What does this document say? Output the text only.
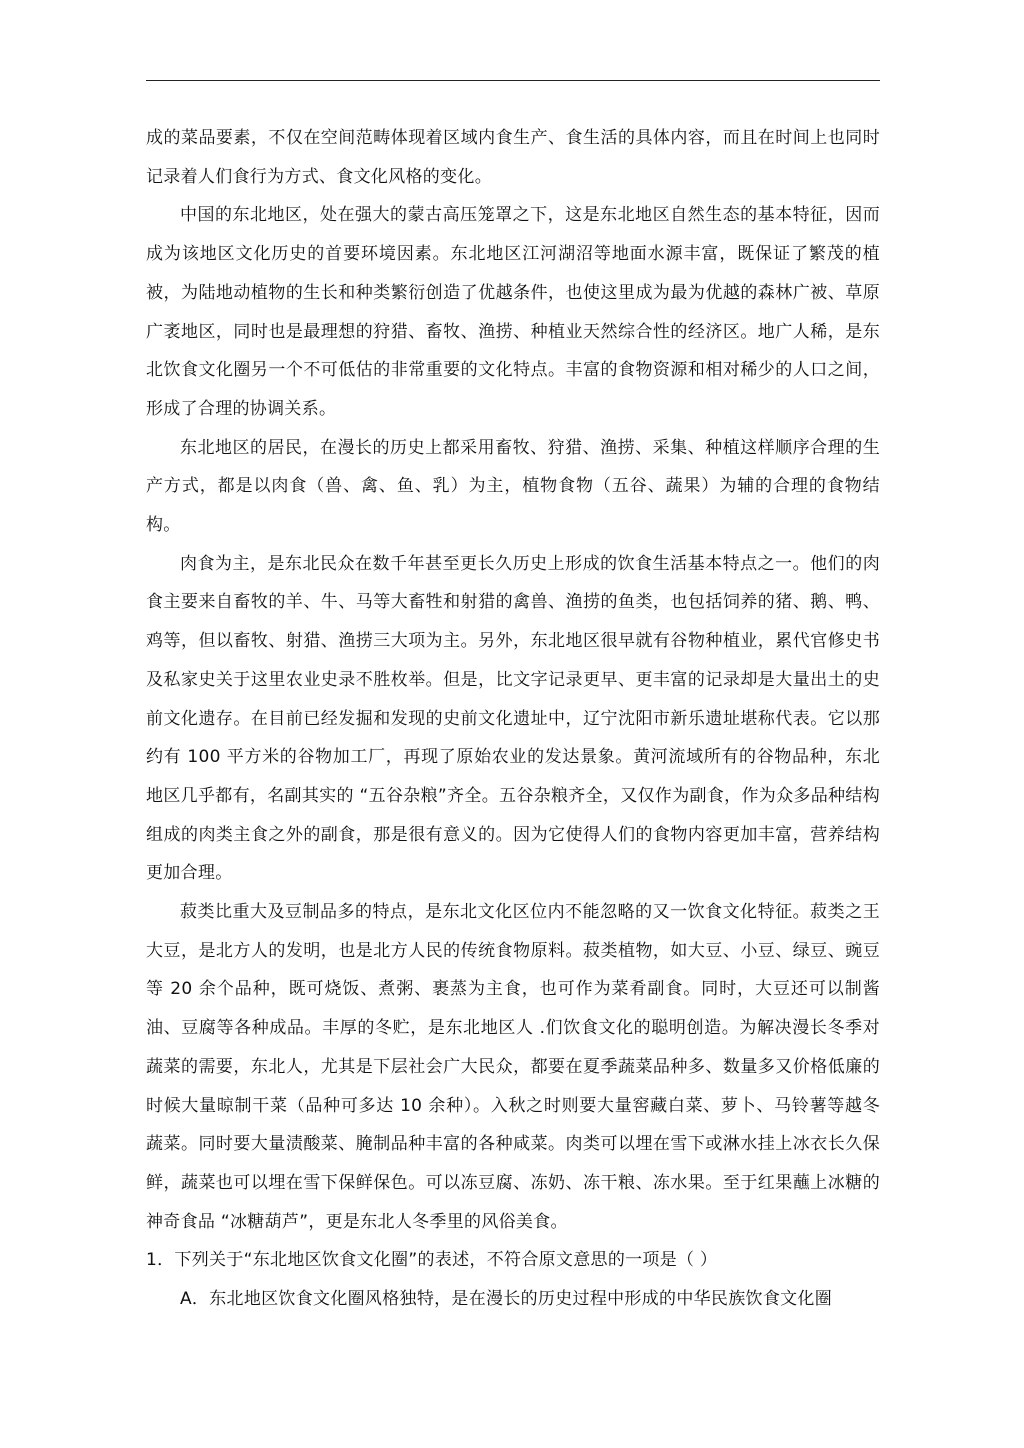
成的菜品要素，不仅在空间范畴体现着区域内食生产、食生活的具体内容，而且在时间上也同时记录着人们食行为方式、食文化风格的变化。

中国的东北地区，处在强大的蒙古高压笼罩之下，这是东北地区自然生态的基本特征，因而成为该地区文化历史的首要环境因素。东北地区江河湖沼等地面水源丰富，既保证了繁茂的植被，为陆地动植物的生长和种类繁衍创造了优越条件，也使这里成为最为优越的森林广被、草原广袤地区，同时也是最理想的狩猎、畜牧、渔捞、种植业天然综合性的经济区。地广人稀，是东北饮食文化圈另一个不可低估的非常重要的文化特点。丰富的食物资源和相对稀少的人口之间，形成了合理的协调关系。

东北地区的居民，在漫长的历史上都采用畜牧、狩猎、渔捞、采集、种植这样顺序合理的生产方式，都是以肉食（兽、禽、鱼、乳）为主，植物食物（五谷、蔬果）为辅的合理的食物结构。

肉食为主，是东北民众在数千年甚至更长久历史上形成的饮食生活基本特点之一。他们的肉食主要来自畜牧的羊、牛、马等大畜牲和射猎的禽兽、渔捞的鱼类，也包括饲养的猪、鹅、鸭、鸡等，但以畜牧、射猎、渔捞三大项为主。另外，东北地区很早就有谷物种植业，累代官修史书及私家史关于这里农业史录不胜枚举。但是，比文字记录更早、更丰富的记录却是大量出土的史前文化遗存。在目前已经发掘和发现的史前文化遗址中，辽宁沈阳市新乐遗址堪称代表。它以那约有 100 平方米的谷物加工厂，再现了原始农业的发达景象。黄河流域所有的谷物品种，东北地区几乎都有，名副其实的 “五谷杂粮”齐全。五谷杂粮齐全，又仅作为副食，作为众多品种结构组成的肉类主食之外的副食，那是很有意义的。因为它使得人们的食物内容更加丰富，营养结构更加合理。

菽类比重大及豆制品多的特点，是东北文化区位内不能忽略的又一饮食文化特征。菽类之王大豆，是北方人的发明，也是北方人民的传统食物原料。菽类植物，如大豆、小豆、绿豆、豌豆等 20 余个品种，既可烧饭、煮粥、裹蒸为主食，也可作为菜肴副食。同时，大豆还可以制酱油、豆腐等各种成品。丰厚的冬贮，是东北地区人 .们饮食文化的聪明创造。为解决漫长冬季对蔬菜的需要，东北人，尤其是下层社会广大民众，都要在夏季蔬菜品种多、数量多又价格低廉的时候大量晾制干菜（品种可多达 10 余种）。入秋之时则要大量窖藏白菜、萝卜、马铃薯等越冬蔬菜。同时要大量渍酸菜、腌制品种丰富的各种咸菜。肉类可以埋在雪下或淋水挂上冰衣长久保鲜，蔬菜也可以埋在雪下保鲜保色。可以冻豆腐、冻奶、冻干粮、冻水果。至于红果蘸上冰糖的神奇食品 “冰糖葫芦”，更是东北人冬季里的风俗美食。

1．下列关于“东北地区饮食文化圈”的表述，不符合原文意思的一项是（ ）

A．东北地区饮食文化圈风格独特，是在漫长的历史过程中形成的中华民族饮食文化圈
